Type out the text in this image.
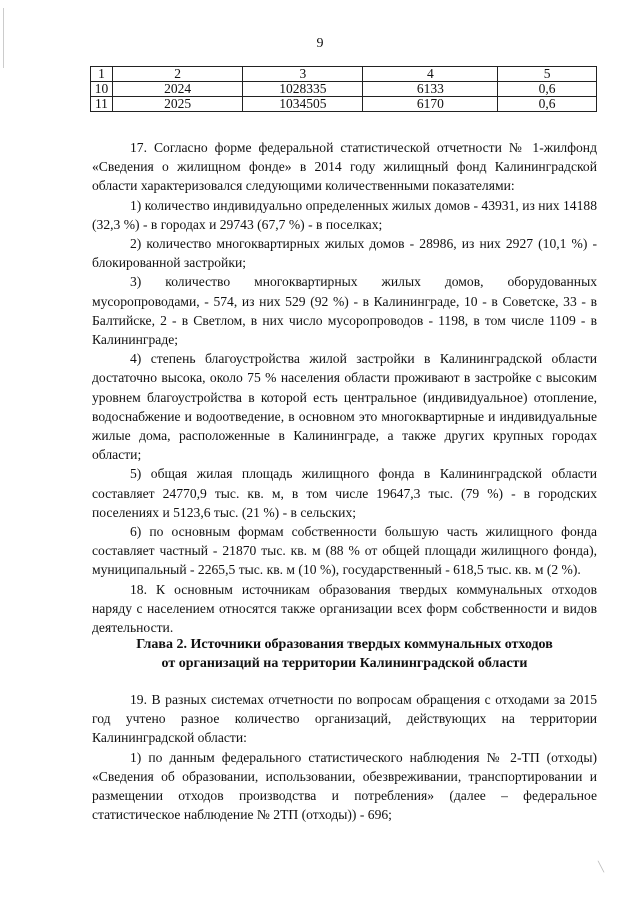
9
1	2	3	4	5
10	2024	1028335	6133	0,6
11	2025	1034505	6170	0,6

17. Согласно форме федеральной статистической отчетности № 1-жилфонд «Сведения о жилищном фонде» в 2014 году жилищный фонд Калининградской области характеризовался следующими количественными показателями:

1) количество индивидуально определенных жилых домов - 43931, из них 14188 (32,3 %) - в городах и 29743 (67,7 %) - в поселках;

2) количество многоквартирных жилых домов - 28986, из них 2927 (10,1 %) - блокированной застройки;

3) количество многоквартирных жилых домов, оборудованных мусоропроводами, - 574, из них 529 (92 %) - в Калининграде, 10 - в Советске, 33 - в Балтийске, 2 - в Светлом, в них число мусоропроводов - 1198, в том числе 1109 - в Калининграде;

4) степень благоустройства жилой застройки в Калининградской области достаточно высока, около 75 % населения области проживают в застройке с высоким уровнем благоустройства в которой есть центральное (индивидуальное) отопление, водоснабжение и водоотведение, в основном это многоквартирные и индивидуальные жилые дома, расположенные в Калининграде, а также других крупных городах области;

5) общая жилая площадь жилищного фонда в Калининградской области составляет 24770,9 тыс. кв. м, в том числе 19647,3 тыс. (79 %) - в городских поселениях и 5123,6 тыс. (21 %) - в сельских;

6) по основным формам собственности большую часть жилищного фонда составляет частный - 21870 тыс. кв. м (88 % от общей площади жилищного фонда), муниципальный - 2265,5 тыс. кв. м (10 %), государственный - 618,5 тыс. кв. м (2 %).

18. К основным источникам образования твердых коммунальных отходов наряду с населением относятся также организации всех форм собственности и видов деятельности.

Глава 2. Источники образования твердых коммунальных отходов
от организаций на территории Калининградской области

19. В разных системах отчетности по вопросам обращения с отходами за 2015 год учтено разное количество организаций, действующих на территории Калининградской области:

1) по данным федерального статистического наблюдения № 2-ТП (отходы) «Сведения об образовании, использовании, обезвреживании, транспортировании и размещении отходов производства и потребления» (далее – федеральное статистическое наблюдение № 2ТП (отходы)) - 696;

╲
